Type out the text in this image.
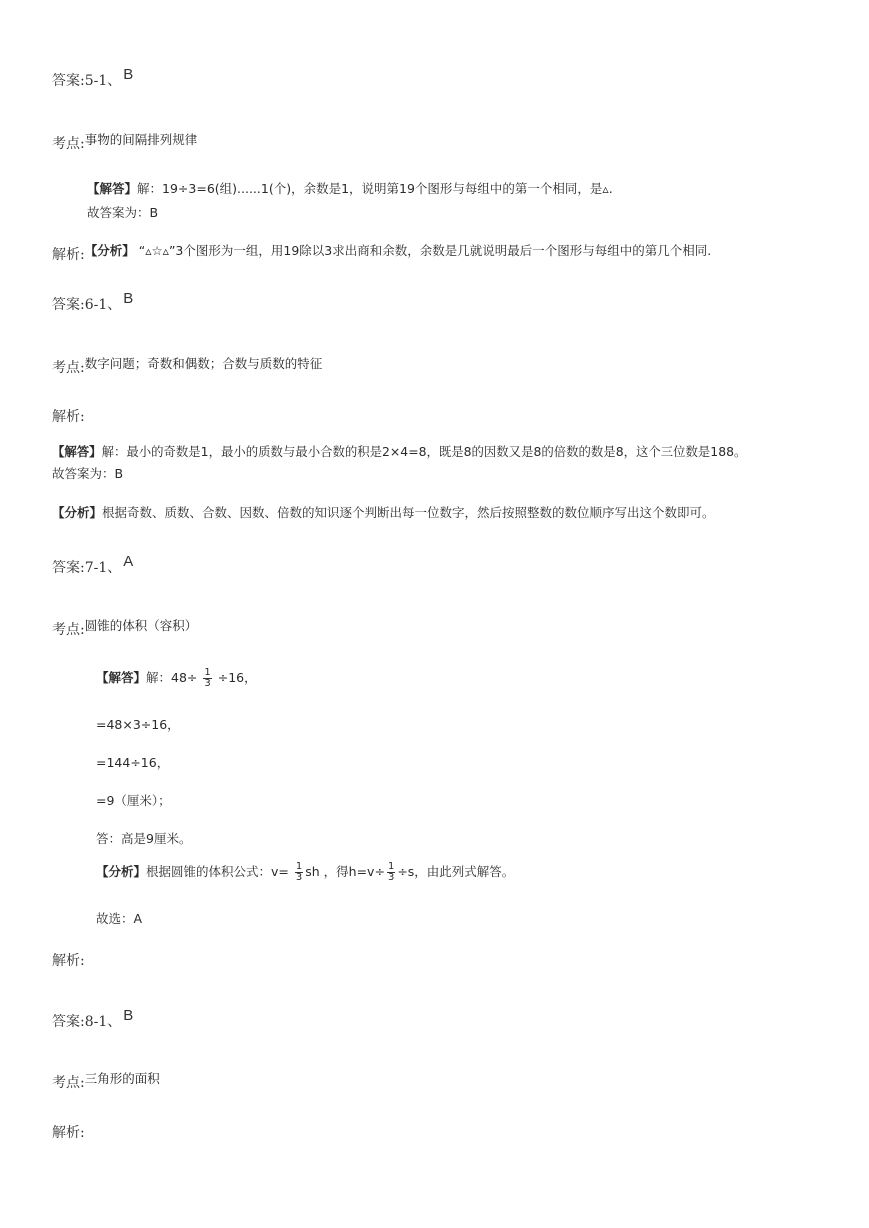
答案:5-1、 B
考点:$^{事物的间隔排列规律}$
【解答】解：19÷3=6(组)......1(个)，余数是1，说明第19个图形与每组中的第一个相同，是▵.
故答案为：B
解析:$^{【分析】 “▵☆▵”3个图形为一组,用19除以3求出商和余数,余数是几就说明最后一个图形与每组中的第几个相同.}$
答案:6-1、 B
考点:$^{数字问题;奇数和偶数;合数与质数的特征}$
解析:
【解答】解：最小的奇数是1，最小的质数与最小合数的积是2×4=8，既是8的因数又是8的倍数的数是8，这个三位数是188。
故答案为：B
【分析】根据奇数、质数、合数、因数、倍数的知识逐个判断出每一位数字，然后按照整数的数位顺序写出这个数即可。
答案:7-1、 A
考点:$^{圆锥的体积(容积)}$
【解答】解：$48\div \frac{1}{3} \div 16$，
=48×3÷16，
=144÷16，
=9（厘米）；
答：高是9厘米。
【分析】根据圆锥的体积公式：$v= \frac{1}{3}$ sh ，得$h=v\div \frac{1}{3} \div s$，由此列式解答。
故选：A
解析:
答案:8-1、 B
考点:$^{三角形的面积}$
解析:
